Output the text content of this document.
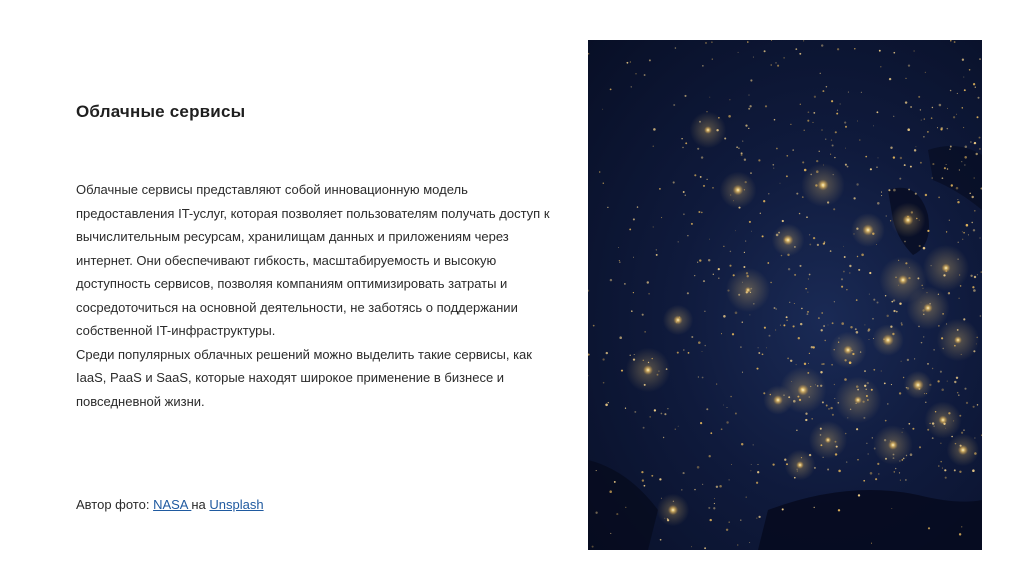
Облачные сервисы

Облачные сервисы представляют собой инновационную модель предоставления IT-услуг, которая позволяет пользователям получать доступ к вычислительным ресурсам, хранилищам данных и приложениям через интернет. Они обеспечивают гибкость, масштабируемость и высокую доступность сервисов, позволяя компаниям оптимизировать затраты и сосредоточиться на основной деятельности, не заботясь о поддержании собственной IT-инфраструктуры.

Среди популярных облачных решений можно выделить такие сервисы, как IaaS, PaaS и SaaS, которые находят широкое применение в бизнесе и повседневной жизни.

Автор фото: NASA на Unsplash
